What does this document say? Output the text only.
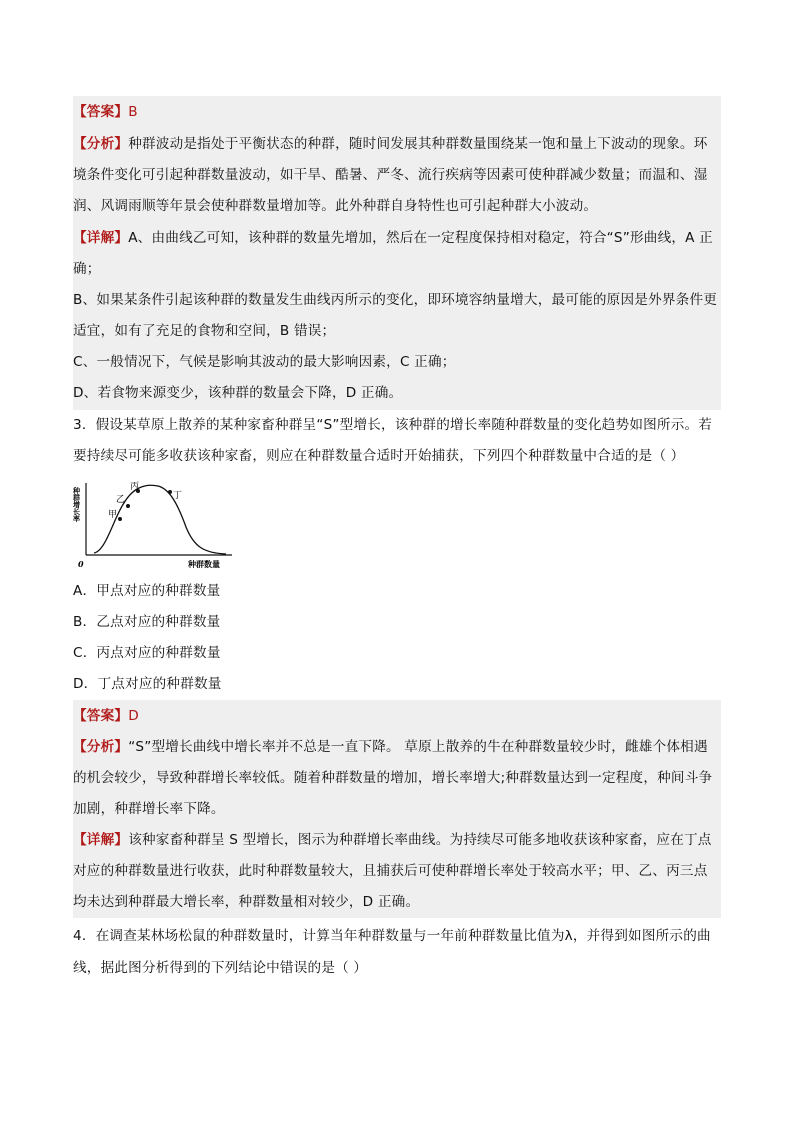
【答案】B
【分析】种群波动是指处于平衡状态的种群，随时间发展其种群数量围绕某一饱和量上下波动的现象。环
境条件变化可引起种群数量波动，如干旱、酷暑、严冬、流行疾病等因素可使种群减少数量；而温和、湿
润、风调雨顺等年景会使种群数量增加等。此外种群自身特性也可引起种群大小波动。
【详解】A、由曲线乙可知，该种群的数量先增加，然后在一定程度保持相对稳定，符合“S”形曲线，A 正
确；
B、如果某条件引起该种群的数量发生曲线丙所示的变化，即环境容纳量增大，最可能的原因是外界条件更
适宜，如有了充足的食物和空间，B 错误；
C、一般情况下，气候是影响其波动的最大影响因素，C 正确；
D、若食物来源变少，该种群的数量会下降，D 正确。
3．假设某草原上散养的某种家畜种群呈“S”型增长，该种群的增长率随种群数量的变化趋势如图所示。若
要持续尽可能多收获该种家畜，则应在种群数量合适时开始捕获，下列四个种群数量中合适的是（ ）
甲
乙
丙
丁
种群增长率
种群数量
0
A．甲点对应的种群数量
B．乙点对应的种群数量
C．丙点对应的种群数量
D．丁点对应的种群数量
【答案】D
【分析】“S”型增长曲线中增长率并不总是一直下降。 草原上散养的牛在种群数量较少时，雌雄个体相遇
的机会较少，导致种群增长率较低。随着种群数量的增加，增长率增大;种群数量达到一定程度，种间斗争
加剧，种群增长率下降。
【详解】该种家畜种群呈 S 型增长，图示为种群增长率曲线。为持续尽可能多地收获该种家畜，应在丁点
对应的种群数量进行收获，此时种群数量较大，且捕获后可使种群增长率处于较高水平；甲、乙、丙三点
均未达到种群最大增长率，种群数量相对较少，D 正确。
4．在调查某林场松鼠的种群数量时，计算当年种群数量与一年前种群数量比值为λ，并得到如图所示的曲
线，据此图分析得到的下列结论中错误的是（ ）
